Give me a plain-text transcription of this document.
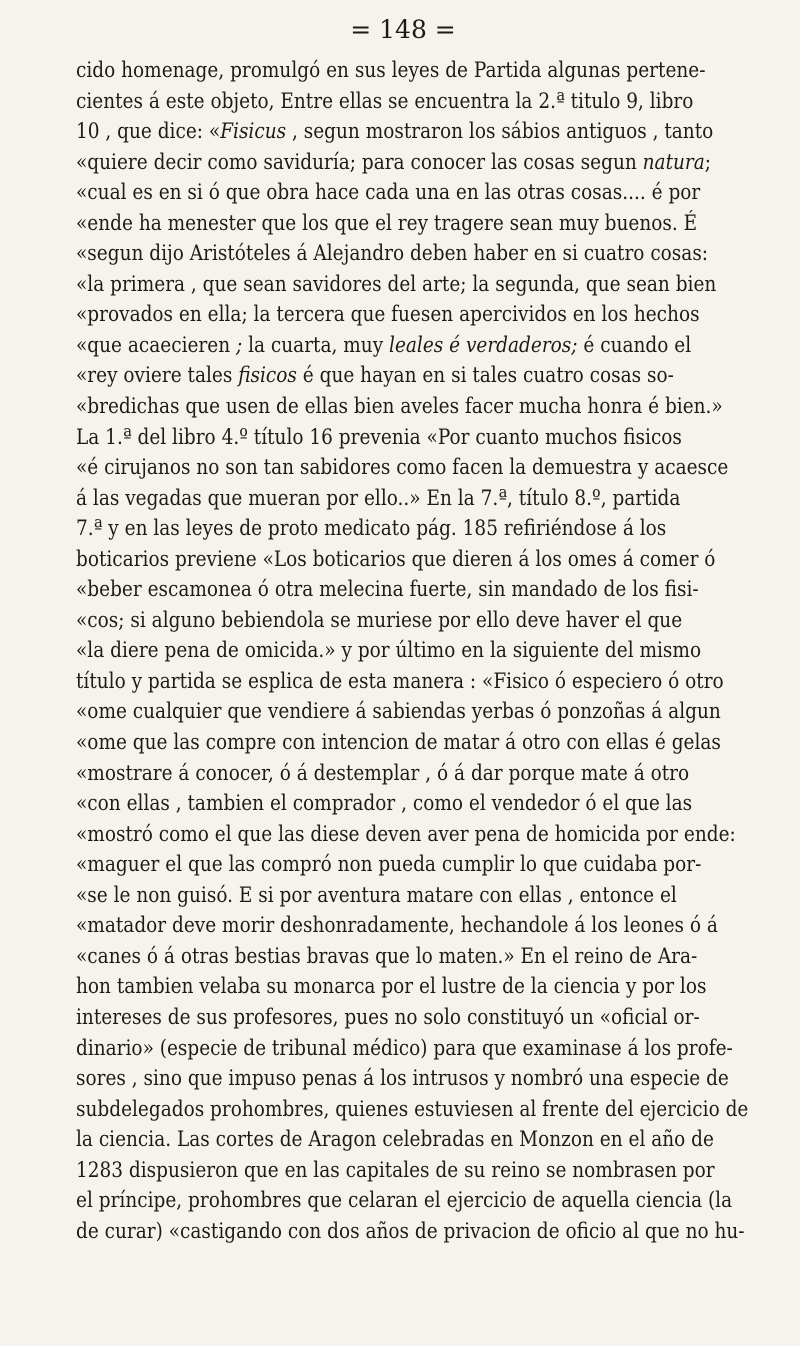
= 148 =
cido homenage, promulgó en sus leyes de Partida algunas pertene-
cientes á este objeto, Entre ellas se encuentra la 2.ª titulo 9, libro
10 , que dice: «Fisicus , segun mostraron los sábios antiguos , tanto
«quiere decir como saviduría; para conocer las cosas segun natura;
«cual es en si ó que obra hace cada una en las otras cosas.... é por
«ende ha menester que los que el rey tragere sean muy buenos. É
«segun dijo Aristóteles á Alejandro deben haber en si cuatro cosas:
«la primera , que sean savidores del arte; la segunda, que sean bien
«provados en ella; la tercera que fuesen apercividos en los hechos
«que acaecieren ; la cuarta, muy leales é verdaderos; é cuando el
«rey oviere tales fisicos é que hayan en si tales cuatro cosas so-
«bredichas que usen de ellas bien aveles facer mucha honra é bien.»
La 1.ª del libro 4.º título 16 prevenia «Por cuanto muchos fisicos
«é cirujanos no son tan sabidores como facen la demuestra y acaesce
á las vegadas que mueran por ello..» En la 7.ª, título 8.º, partida
7.ª y en las leyes de proto medicato pág. 185 refiriéndose á los
boticarios previene «Los boticarios que dieren á los omes á comer ó
«beber escamonea ó otra melecina fuerte, sin mandado de los fisi-
«cos; si alguno bebiendola se muriese por ello deve haver el que
«la diere pena de omicida.» y por último en la siguiente del mismo
título y partida se esplica de esta manera : «Fisico ó especiero ó otro
«ome cualquier que vendiere á sabiendas yerbas ó ponzoñas á algun
«ome que las compre con intencion de matar á otro con ellas é gelas
«mostrare á conocer, ó á destemplar , ó á dar porque mate á otro
«con ellas , tambien el comprador , como el vendedor ó el que las
«mostró como el que las diese deven aver pena de homicida por ende:
«maguer el que las compró non pueda cumplir lo que cuidaba por-
«se le non guisó. E si por aventura matare con ellas , entonce el
«matador deve morir deshonradamente, hechandole á los leones ó á
«canes ó á otras bestias bravas que lo maten.» En el reino de Ara-
hon tambien velaba su monarca por el lustre de la ciencia y por los
intereses de sus profesores, pues no solo constituyó un «oficial or-
dinario» (especie de tribunal médico) para que examinase á los profe-
sores , sino que impuso penas á los intrusos y nombró una especie de
subdelegados prohombres, quienes estuviesen al frente del ejercicio de
la ciencia. Las cortes de Aragon celebradas en Monzon en el año de
1283 dispusieron que en las capitales de su reino se nombrasen por
el príncipe, prohombres que celaran el ejercicio de aquella ciencia (la
de curar) «castigando con dos años de privacion de oficio al que no hu-
